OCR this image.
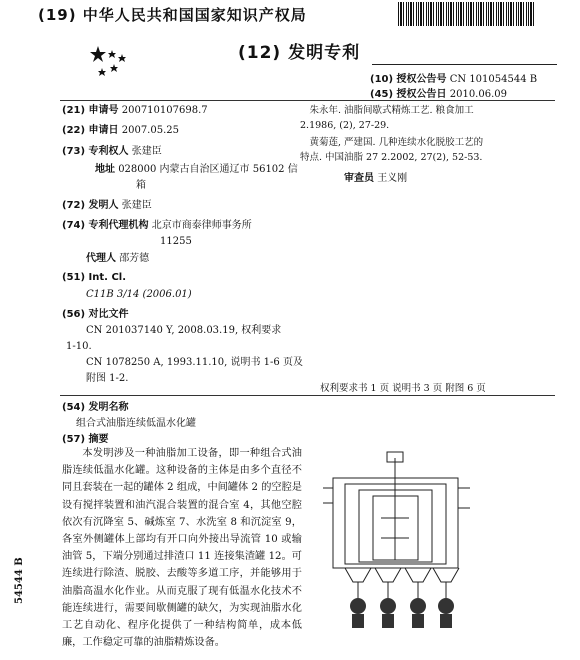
(19) 中华人民共和国国家知识产权局
(12) 发明专利
(10) 授权公告号 CN 101054544 B
(45) 授权公告日 2010.06.09
(21) 申请号 200710107698.7
(22) 申请日 2007.05.25
(73) 专利权人 张建臣
地址 028000 内蒙古自治区通辽市 56102 信
箱
(72) 发明人 张建臣
(74) 专利代理机构 北京市商泰律师事务所
11255
代理人 邵芳德
(51) Int. Cl.
C11B 3/14 (2006.01)
(56) 对比文件
CN 201037140 Y, 2008.03.19, 权利要求
1-10.
CN 1078250 A, 1993.11.10, 说明书 1-6 页及
附图 1-2.
朱永年. 油脂间歇式精炼工艺. 粮食加工
2.1986, (2), 27-29.
黄菊莲, 严建国. 几种连续水化脱胶工艺的
特点. 中国油脂 27 2.2002, 27(2), 52-53.
审查员 王义刚
权利要求书 1 页 说明书 3 页 附图 6 页
(54) 发明名称
组合式油脂连续低温水化罐
(57) 摘要
本发明涉及一种油脂加工设备，即一种组合式油脂连续低温水化罐。这种设备的主体是由多个直径不同且套装在一起的罐体 2 组成，中间罐体 2 的空腔是设有搅拌装置和油汽混合装置的混合室 4，其他空腔依次有沉降室 5、碱炼室 7、水洗室 8 和沉淀室 9，各室外侧罐体上部均有开口向外接出导流管 10 或输油管 5，下端分别通过排渣口 11 连接集渣罐 12。可连续进行除渣、脱胶、去酸等多道工序，并能够用于油脂高温水化作业。从而克服了现有低温水化技术不能连续进行，需要间歇侧罐的缺欠，为实现油脂水化工艺自动化、程序化提供了一种结构简单，成本低廉，工作稳定可靠的油脂精炼设备。
54544 B
